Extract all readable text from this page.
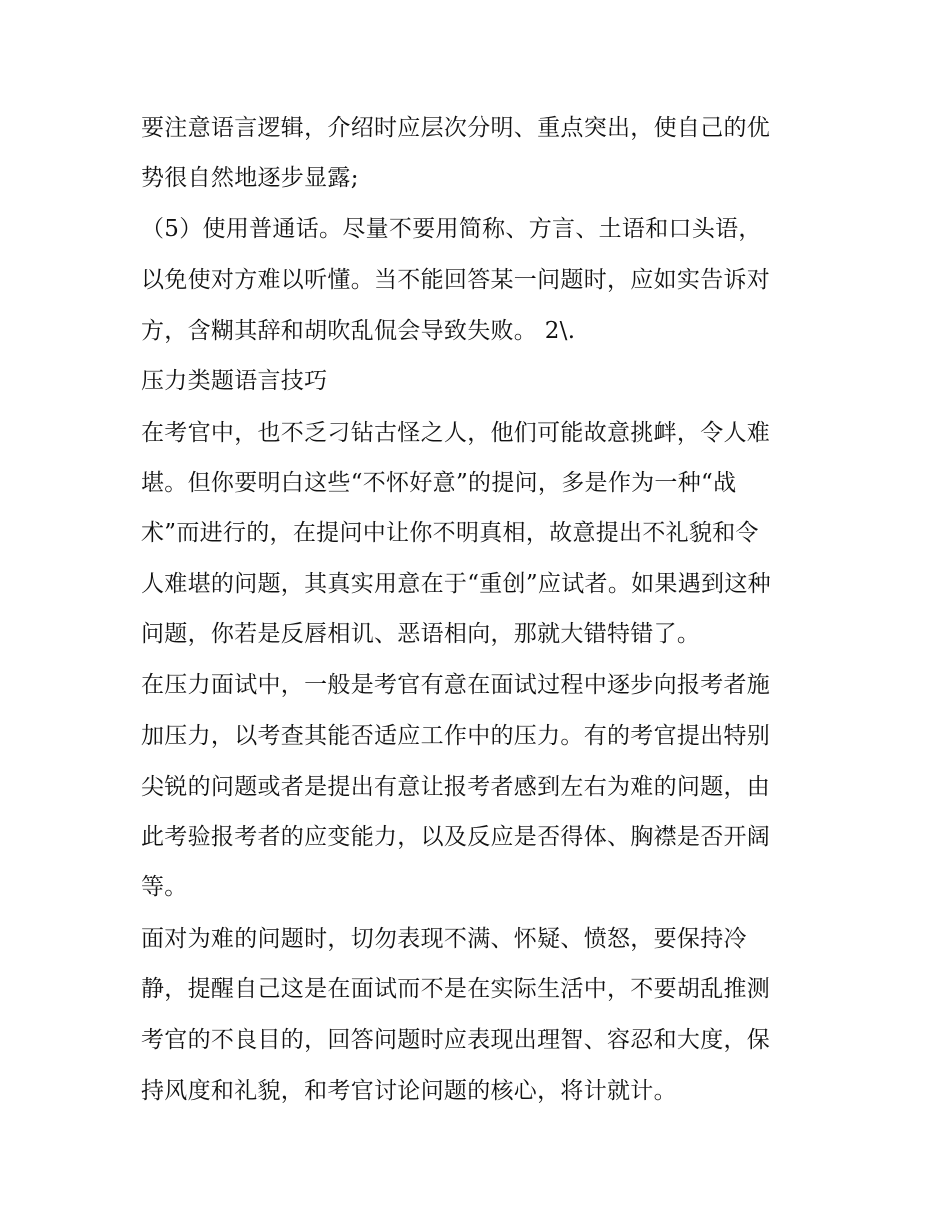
要注意语言逻辑，介绍时应层次分明、重点突出，使自己的优
势很自然地逐步显露;
（5）使用普通话。尽量不要用简称、方言、土语和口头语，
以免使对方难以听懂。当不能回答某一问题时，应如实告诉对
方，含糊其辞和胡吹乱侃会导致失败。 2\.
压力类题语言技巧
在考官中，也不乏刁钻古怪之人，他们可能故意挑衅，令人难
堪。但你要明白这些“不怀好意”的提问，多是作为一种“战
术”而进行的，在提问中让你不明真相，故意提出不礼貌和令
人难堪的问题，其真实用意在于“重创”应试者。如果遇到这种
问题，你若是反唇相讥、恶语相向，那就大错特错了。
在压力面试中，一般是考官有意在面试过程中逐步向报考者施
加压力，以考查其能否适应工作中的压力。有的考官提出特别
尖锐的问题或者是提出有意让报考者感到左右为难的问题，由
此考验报考者的应变能力，以及反应是否得体、胸襟是否开阔
等。
面对为难的问题时，切勿表现不满、怀疑、愤怒，要保持冷
静，提醒自己这是在面试而不是在实际生活中，不要胡乱推测
考官的不良目的，回答问题时应表现出理智、容忍和大度，保
持风度和礼貌，和考官讨论问题的核心，将计就计。
